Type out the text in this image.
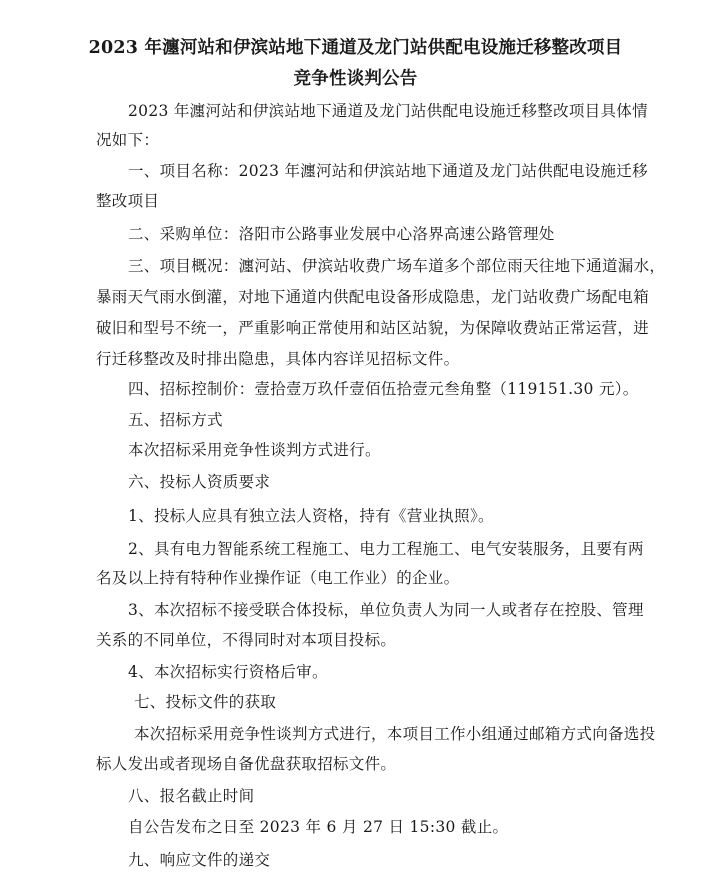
2023 年瀍河站和伊滨站地下通道及龙门站供配电设施迁移整改项目
竞争性谈判公告
2023 年瀍河站和伊滨站地下通道及龙门站供配电设施迁移整改项目具体情
况如下：
一、项目名称：2023 年瀍河站和伊滨站地下通道及龙门站供配电设施迁移
整改项目
二、采购单位：洛阳市公路事业发展中心洛界高速公路管理处
三、项目概况：瀍河站、伊滨站收费广场车道多个部位雨天往地下通道漏水，
暴雨天气雨水倒灌，对地下通道内供配电设备形成隐患，龙门站收费广场配电箱
破旧和型号不统一，严重影响正常使用和站区站貌，为保障收费站正常运营，进
行迁移整改及时排出隐患，具体内容详见招标文件。
四、招标控制价：壹拾壹万玖仟壹佰伍拾壹元叁角整（119151.30 元）。
五、招标方式
本次招标采用竞争性谈判方式进行。
六、投标人资质要求
1、投标人应具有独立法人资格，持有《营业执照》。
2、具有电力智能系统工程施工、电力工程施工、电气安装服务，且要有两
名及以上持有特种作业操作证（电工作业）的企业。
3、本次招标不接受联合体投标，单位负责人为同一人或者存在控股、管理
关系的不同单位，不得同时对本项目投标。
4、本次招标实行资格后审。
七、投标文件的获取
本次招标采用竞争性谈判方式进行，本项目工作小组通过邮箱方式向备选投
标人发出或者现场自备优盘获取招标文件。
八、报名截止时间
自公告发布之日至 2023 年 6 月 27 日 15:30 截止。
九、响应文件的递交
